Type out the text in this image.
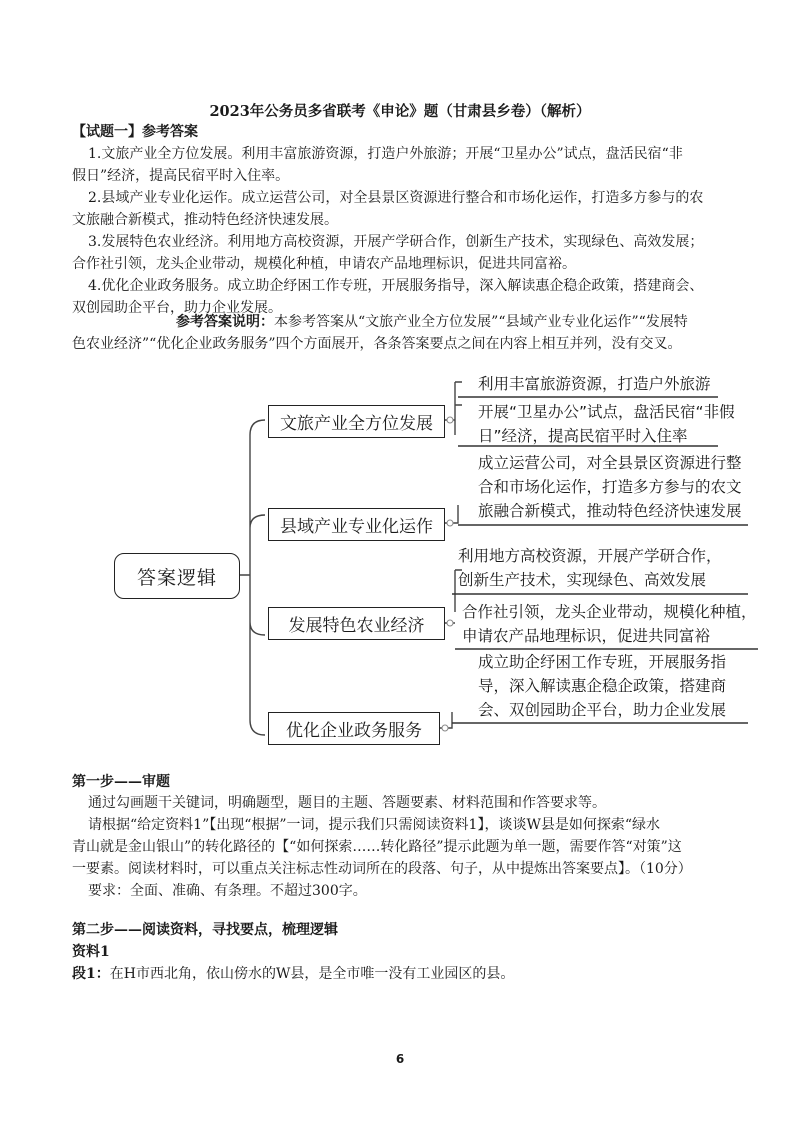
2023年公务员多省联考《申论》题（甘肃县乡卷）（解析）
【试题一】参考答案
1.文旅产业全方位发展。利用丰富旅游资源，打造户外旅游；开展“卫星办公”试点，盘活民宿“非
假日”经济，提高民宿平时入住率。
2.县域产业专业化运作。成立运营公司，对全县景区资源进行整合和市场化运作，打造多方参与的农
文旅融合新模式，推动特色经济快速发展。
3.发展特色农业经济。利用地方高校资源，开展产学研合作，创新生产技术，实现绿色、高效发展；
合作社引领，龙头企业带动，规模化种植，申请农产品地理标识，促进共同富裕。
4.优化企业政务服务。成立助企纾困工作专班，开展服务指导，深入解读惠企稳企政策，搭建商会、
双创园助企平台，助力企业发展。
参考答案说明：本参考答案从“文旅产业全方位发展”“县域产业专业化运作”“发展特
色农业经济”“优化企业政务服务”四个方面展开，各条答案要点之间在内容上相互并列，没有交叉。
答案逻辑
文旅产业全方位发展
县域产业专业化运作
发展特色农业经济
优化企业政务服务
利用丰富旅游资源，打造户外旅游
开展“卫星办公”试点，盘活民宿“非假
日”经济，提高民宿平时入住率
成立运营公司，对全县景区资源进行整
合和市场化运作，打造多方参与的农文
旅融合新模式，推动特色经济快速发展
利用地方高校资源，开展产学研合作，
创新生产技术，实现绿色、高效发展
合作社引领，龙头企业带动，规模化种植，
申请农产品地理标识，促进共同富裕
成立助企纾困工作专班，开展服务指
导，深入解读惠企稳企政策，搭建商
会、双创园助企平台，助力企业发展
第一步——审题
通过勾画题干关键词，明确题型，题目的主题、答题要素、材料范围和作答要求等。
请根据“给定资料1”【出现“根据”一词，提示我们只需阅读资料1】，谈谈W县是如何探索“绿水
青山就是金山银山”的转化路径的【“如何探索……转化路径”提示此题为单一题，需要作答“对策”这
一要素。阅读材料时，可以重点关注标志性动词所在的段落、句子，从中提炼出答案要点】。（10分）
要求：全面、准确、有条理。不超过300字。
第二步——阅读资料，寻找要点，梳理逻辑
资料1
段1：在H市西北角，依山傍水的W县，是全市唯一没有工业园区的县。
6
